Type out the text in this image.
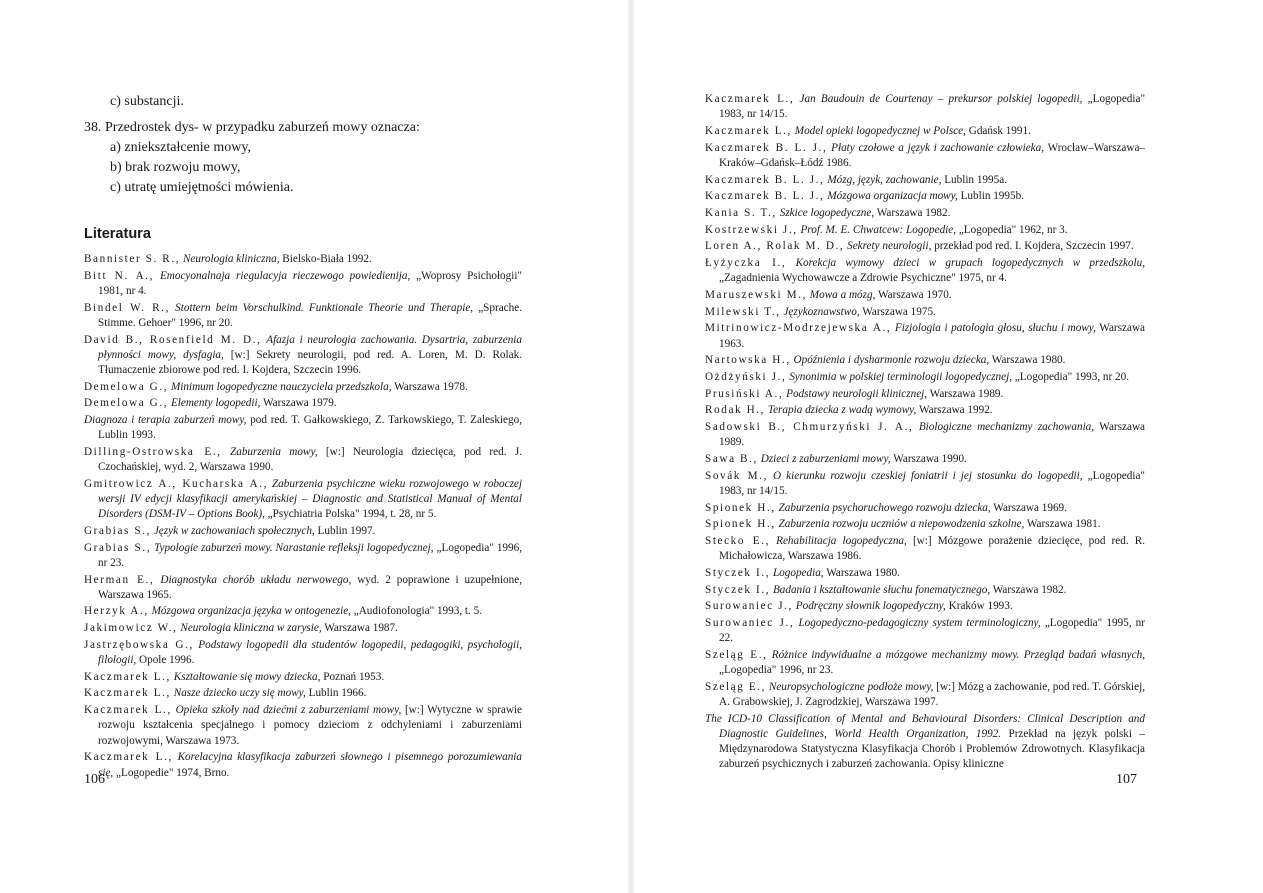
c) substancji.
38. Przedrostek dys- w przypadku zaburzeń mowy oznacza:
a) zniekształcenie mowy,
b) brak rozwoju mowy,
c) utratę umiejętności mówienia.
Literatura
Bannister S. R., Neurologia kliniczna, Bielsko-Biała 1992.
Bitt N. A., Emocyonalnaja riegulacyja rieczewogo powiedienija, „Woprosy Psichołogii" 1981, nr 4.
Bindel W. R., Stottern beim Vorschulkind. Funktionale Theorie und Therapie, „Sprache. Stimme. Gehoer" 1996, nr 20.
David B., Rosenfield M. D., Afazja i neurologia zachowania. Dysartria, zaburzenia płynności mowy, dysfagia, [w:] Sekrety neurologii, pod red. A. Loren, M. D. Rolak. Tłumaczenie zbiorowe pod red. I. Kojdera, Szczecin 1996.
Demelowa G., Minimum logopedyczne nauczyciela przedszkola, Warszawa 1978.
Demelowa G., Elementy logopedii, Warszawa 1979.
Diagnoza i terapia zaburzeń mowy, pod red. T. Gałkowskiego, Z. Tarkowskiego, T. Zaleskiego, Lublin 1993.
Dilling-Ostrowska E., Zaburzenia mowy, [w:] Neurologia dziecięca, pod red. J. Czochańskiej, wyd. 2, Warszawa 1990.
Gmitrowicz A., Kucharska A., Zaburzenia psychiczne wieku rozwojowego w roboczej wersji IV edycji klasyfikacji amerykańskiej – Diagnostic and Statistical Manual of Mental Disorders (DSM-IV – Options Book), „Psychiatria Polska" 1994, t. 28, nr 5.
Grabias S., Język w zachowaniach społecznych, Lublin 1997.
Grabias S., Typologie zaburzeń mowy. Narastanie refleksji logopedycznej, „Logopedia" 1996, nr 23.
Herman E., Diagnostyka chorób układu nerwowego, wyd. 2 poprawione i uzupełnione, Warszawa 1965.
Herzyk A., Mózgowa organizacja języka w ontogenezie, „Audiofonologia" 1993, t. 5.
Jakimowicz W., Neurologia kliniczna w zarysie, Warszawa 1987.
Jastrzębowska G., Podstawy logopedii dla studentów logopedii, pedagogiki, psychologii, filologii, Opole 1996.
Kaczmarek L., Kształtowanie się mowy dziecka, Poznań 1953.
Kaczmarek L., Nasze dziecko uczy się mowy, Lublin 1966.
Kaczmarek L., Opieka szkoły nad dziećmi z zaburzeniami mowy, [w:] Wytyczne w sprawie rozwoju kształcenia specjalnego i pomocy dzieciom z odchyleniami i zaburzeniami rozwojowymi, Warszawa 1973.
Kaczmarek L., Korelacyjna klasyfikacja zaburzeń słownego i pisemnego porozumiewania się, „Logopedie" 1974, Brno.
106
Kaczmarek L., Jan Baudouin de Courtenay – prekursor polskiej logopedii, „Logopedia" 1983, nr 14/15.
Kaczmarek L., Model opieki logopedycznej w Polsce, Gdańsk 1991.
Kaczmarek B. L. J., Płaty czołowe a język i zachowanie człowieka, Wrocław–Warszawa–Kraków–Gdańsk–Łódź 1986.
Kaczmarek B. L. J., Mózg, język, zachowanie, Lublin 1995a.
Kaczmarek B. L. J., Mózgowa organizacja mowy, Lublin 1995b.
Kania S. T., Szkice logopedyczne, Warszawa 1982.
Kostrzewski J., Prof. M. E. Chwatcew: Logopedie, „Logopedia" 1962, nr 3.
Loren A., Rolak M. D., Sekrety neurologii, przekład pod red. I. Kojdera, Szczecin 1997.
Łyżyczka I., Korekcja wymowy dzieci w grupach logopedycznych w przedszkolu, „Zagadnienia Wychowawcze a Zdrowie Psychiczne" 1975, nr 4.
Maruszewski M., Mowa a mózg, Warszawa 1970.
Milewski T., Językoznawstwo, Warszawa 1975.
Mitrinowicz-Modrzejewska A., Fizjologia i patologia głosu, słuchu i mowy, Warszawa 1963.
Nartowska H., Opóźnienia i dysharmonie rozwoju dziecka, Warszawa 1980.
Ożdżyński J., Synonimia w polskiej terminologii logopedycznej, „Logopedia" 1993, nr 20.
Prusiński A., Podstawy neurologii klinicznej, Warszawa 1989.
Rodak H., Terapia dziecka z wadą wymowy, Warszawa 1992.
Sadowski B., Chmurzyński J. A., Biologiczne mechanizmy zachowania, Warszawa 1989.
Sawa B., Dzieci z zaburzeniami mowy, Warszawa 1990.
Sovák M., O kierunku rozwoju czeskiej foniatrii i jej stosunku do logopedii, „Logopedia" 1983, nr 14/15.
Spionek H., Zaburzenia psychoruchowego rozwoju dziecka, Warszawa 1969.
Spionek H., Zaburzenia rozwoju uczniów a niepowodzenia szkolne, Warszawa 1981.
Stecko E., Rehabilitacja logopedyczna, [w:] Mózgowe porażenie dziecięce, pod red. R. Michałowicza, Warszawa 1986.
Styczek I., Logopedia, Warszawa 1980.
Styczek I., Badania i kształtowanie słuchu fonematycznego, Warszawa 1982.
Surowaniec J., Podręczny słownik logopedyczny, Kraków 1993.
Surowaniec J., Logopedyczno-pedagogiczny system terminologiczny, „Logopedia" 1995, nr 22.
Szeląg E., Różnice indywidualne a mózgowe mechanizmy mowy. Przegląd badań własnych, „Logopedia" 1996, nr 23.
Szeląg E., Neuropsychologiczne podłoże mowy, [w:] Mózg a zachowanie, pod red. T. Górskiej, A. Grabowskiej, J. Zagrodzkiej, Warszawa 1997.
The ICD-10 Classification of Mental and Behavioural Disorders: Clinical Description and Diagnostic Guidelines, World Health Organization, 1992. Przekład na język polski – Międzynarodowa Statystyczna Klasyfikacja Chorób i Problemów Zdrowotnych. Klasyfikacja zaburzeń psychicznych i zaburzeń zachowania. Opisy kliniczne
107
